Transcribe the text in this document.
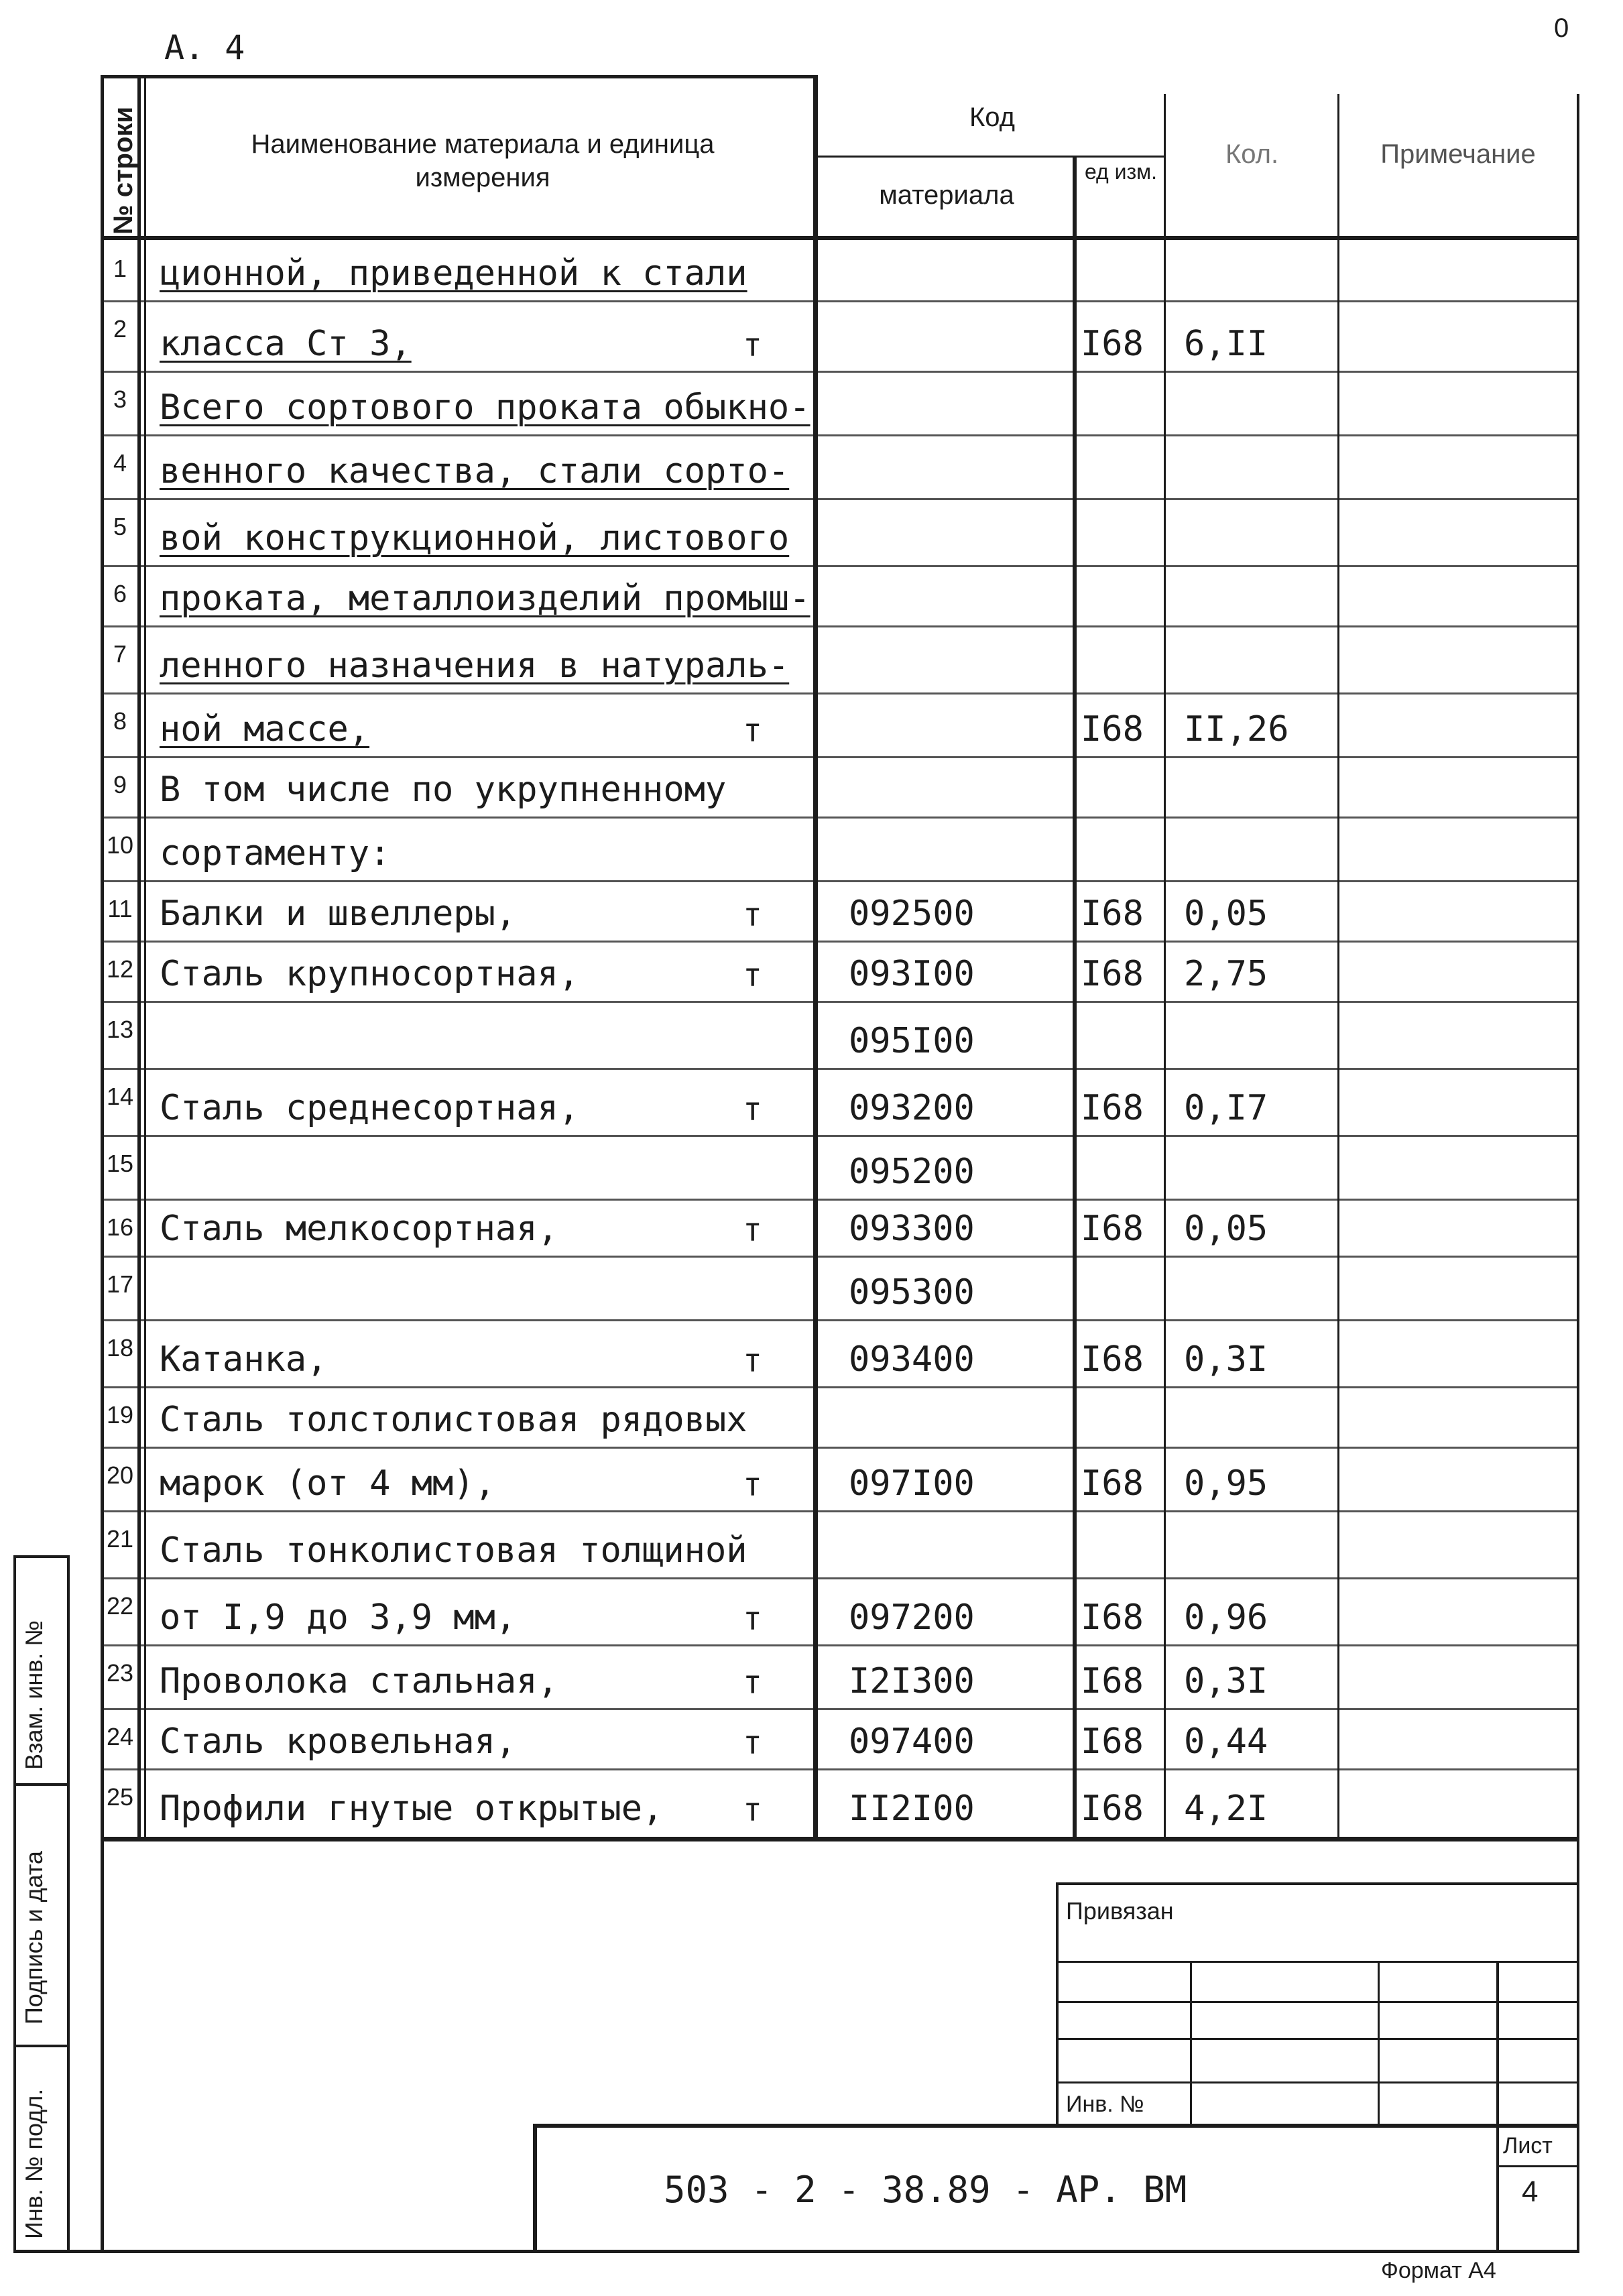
А. 4	0
№ строки	Наименование материала и единица измерения
Код
материала
ед изм.
Кол.	Примечание
1 ционной, приведенной к стали
2 класса Ст 3,	т	I68 6,II
3 Всего сортового проката обыкно-
4 венного качества, стали сорто-
5 вой конструкционной, листового
6 проката, металлоизделий промыш-
7 ленного назначения в натураль-
8 ной массе,	т	I68 II,26
9 В том числе по укрупненному
10 сортаменту:
11 Балки и швеллеры,	т 092500	I68 0,05
12 Сталь крупносортная,	т 093I00	I68 2,75
13	095I00
14 Сталь среднесортная,	т 093200	I68 0,I7
15	095200
16 Сталь мелкосортная,	т 093300	I68 0,05
17	095300
18 Катанка,	т 093400	I68 0,3I
19 Сталь толстолистовая рядовых
20 марок (от 4 мм),	т 097I00	I68 0,95
21 Сталь тонколистовая толщиной
22 от I,9 до 3,9 мм,	т 097200	I68 0,96
23 Проволока стальная,	т I2I300	I68 0,3I
24 Сталь кровельная,	т 097400	I68 0,44
25 Профили гнутые открытые,	т II2I00	I68 4,2I
Взам. инв. №
Подпись и дата
Инв. № подл.
Привязан
Инв. №
503 - 2 - 38.89 - АР. ВМ
Лист
4
Формат А4
